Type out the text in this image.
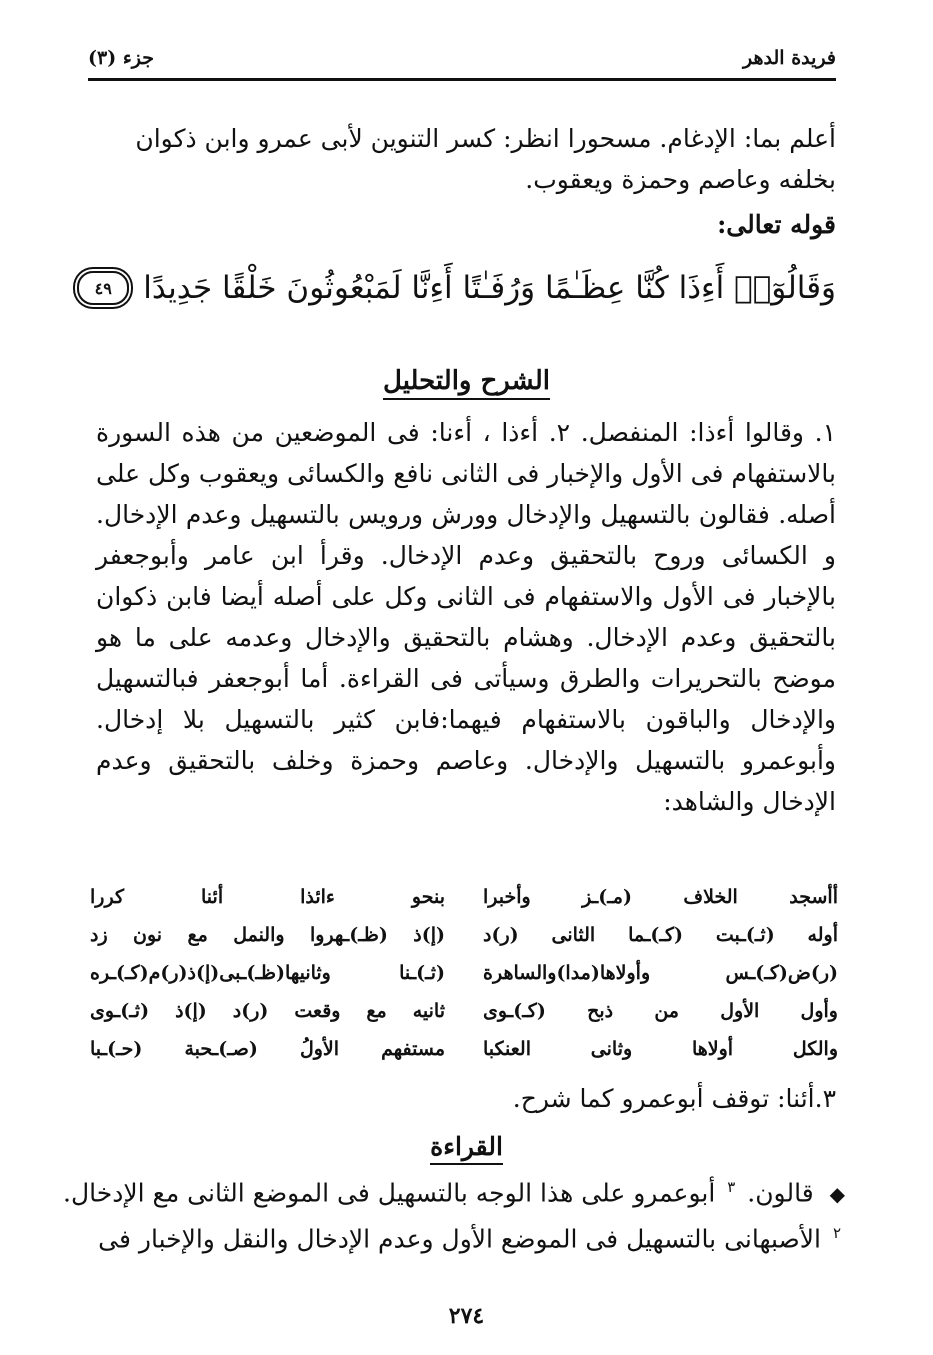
فريدة الدهر
جزء (٣)

أعلم بما: الإدغام. مسحورا انظر: كسر التنوين لأبى عمرو وابن ذكوان بخلفه وعاصم وحمزة ويعقوب.

قوله تعالى:
وَقَالُوٓا۟ أَءِذَا كُنَّا عِظَـٰمًا وَرُفَـٰتًا أَءِنَّا لَمَبْعُوثُونَ خَلْقًا جَدِيدًا
٤٩
الشرح والتحليل

١. وقالوا أءذا: المنفصل. ٢. أءذا ، أءنا: فى الموضعين من هذه السورة بالاستفهام فى الأول والإخبار فى الثانى نافع والكسائى ويعقوب وكل على أصله. فقالون بالتسهيل والإدخال وورش ورويس بالتسهيل وعدم الإدخال. و الكسائى وروح بالتحقيق وعدم الإدخال. وقرأ ابن عامر وأبوجعفر بالإخبار فى الأول والاستفهام فى الثانى وكل على أصله أيضا فابن ذكوان بالتحقيق وعدم الإدخال. وهشام بالتحقيق والإدخال وعدمه على ما هو موضح بالتحريرات والطرق وسيأتى فى القراءة. أما أبوجعفر فبالتسهيل والإدخال والباقون بالاستفهام فيهما:فابن كثير بالتسهيل بلا إدخال. وأبوعمرو بالتسهيل والإدخال. وعاصم وحمزة وخلف بالتحقيق وعدم الإدخال والشاهد:

أأسجد الخلاف (مـ)ـز وأخبرا
أوله (ثـ)ـبت (كـ)ـما الثانى (ر)د
(ر)ض(كـ)ـس وأولاها(مدا)والساهرة
وأول الأول من ذبح (كـ)ـوى
والكل أولاها وثانى العنكبا
بنحو ءائذا أئنا كررا
(إ)ذ (ظـ)ـهروا والنمل مع نون زد
(ثـ)ـنا وثانيها(ظـ)ـبى(إ)ذ(ر)م(كـ)ـره
ثانيه مع وقعت (ر)د (إ)ذ (ثـ)ـوى
مستفهم الأولُ (صـ)ـحبة (حـ)ـبا
٣.أئنا: توقف أبوعمرو كما شرح.
القراءة
◆ قالون. $^٣$ أبوعمرو على هذا الوجه بالتسهيل فى الموضع الثانى مع الإدخال.
$^٢$ الأصبهانى بالتسهيل فى الموضع الأول وعدم الإدخال والنقل والإخبار فى
٢٧٤
